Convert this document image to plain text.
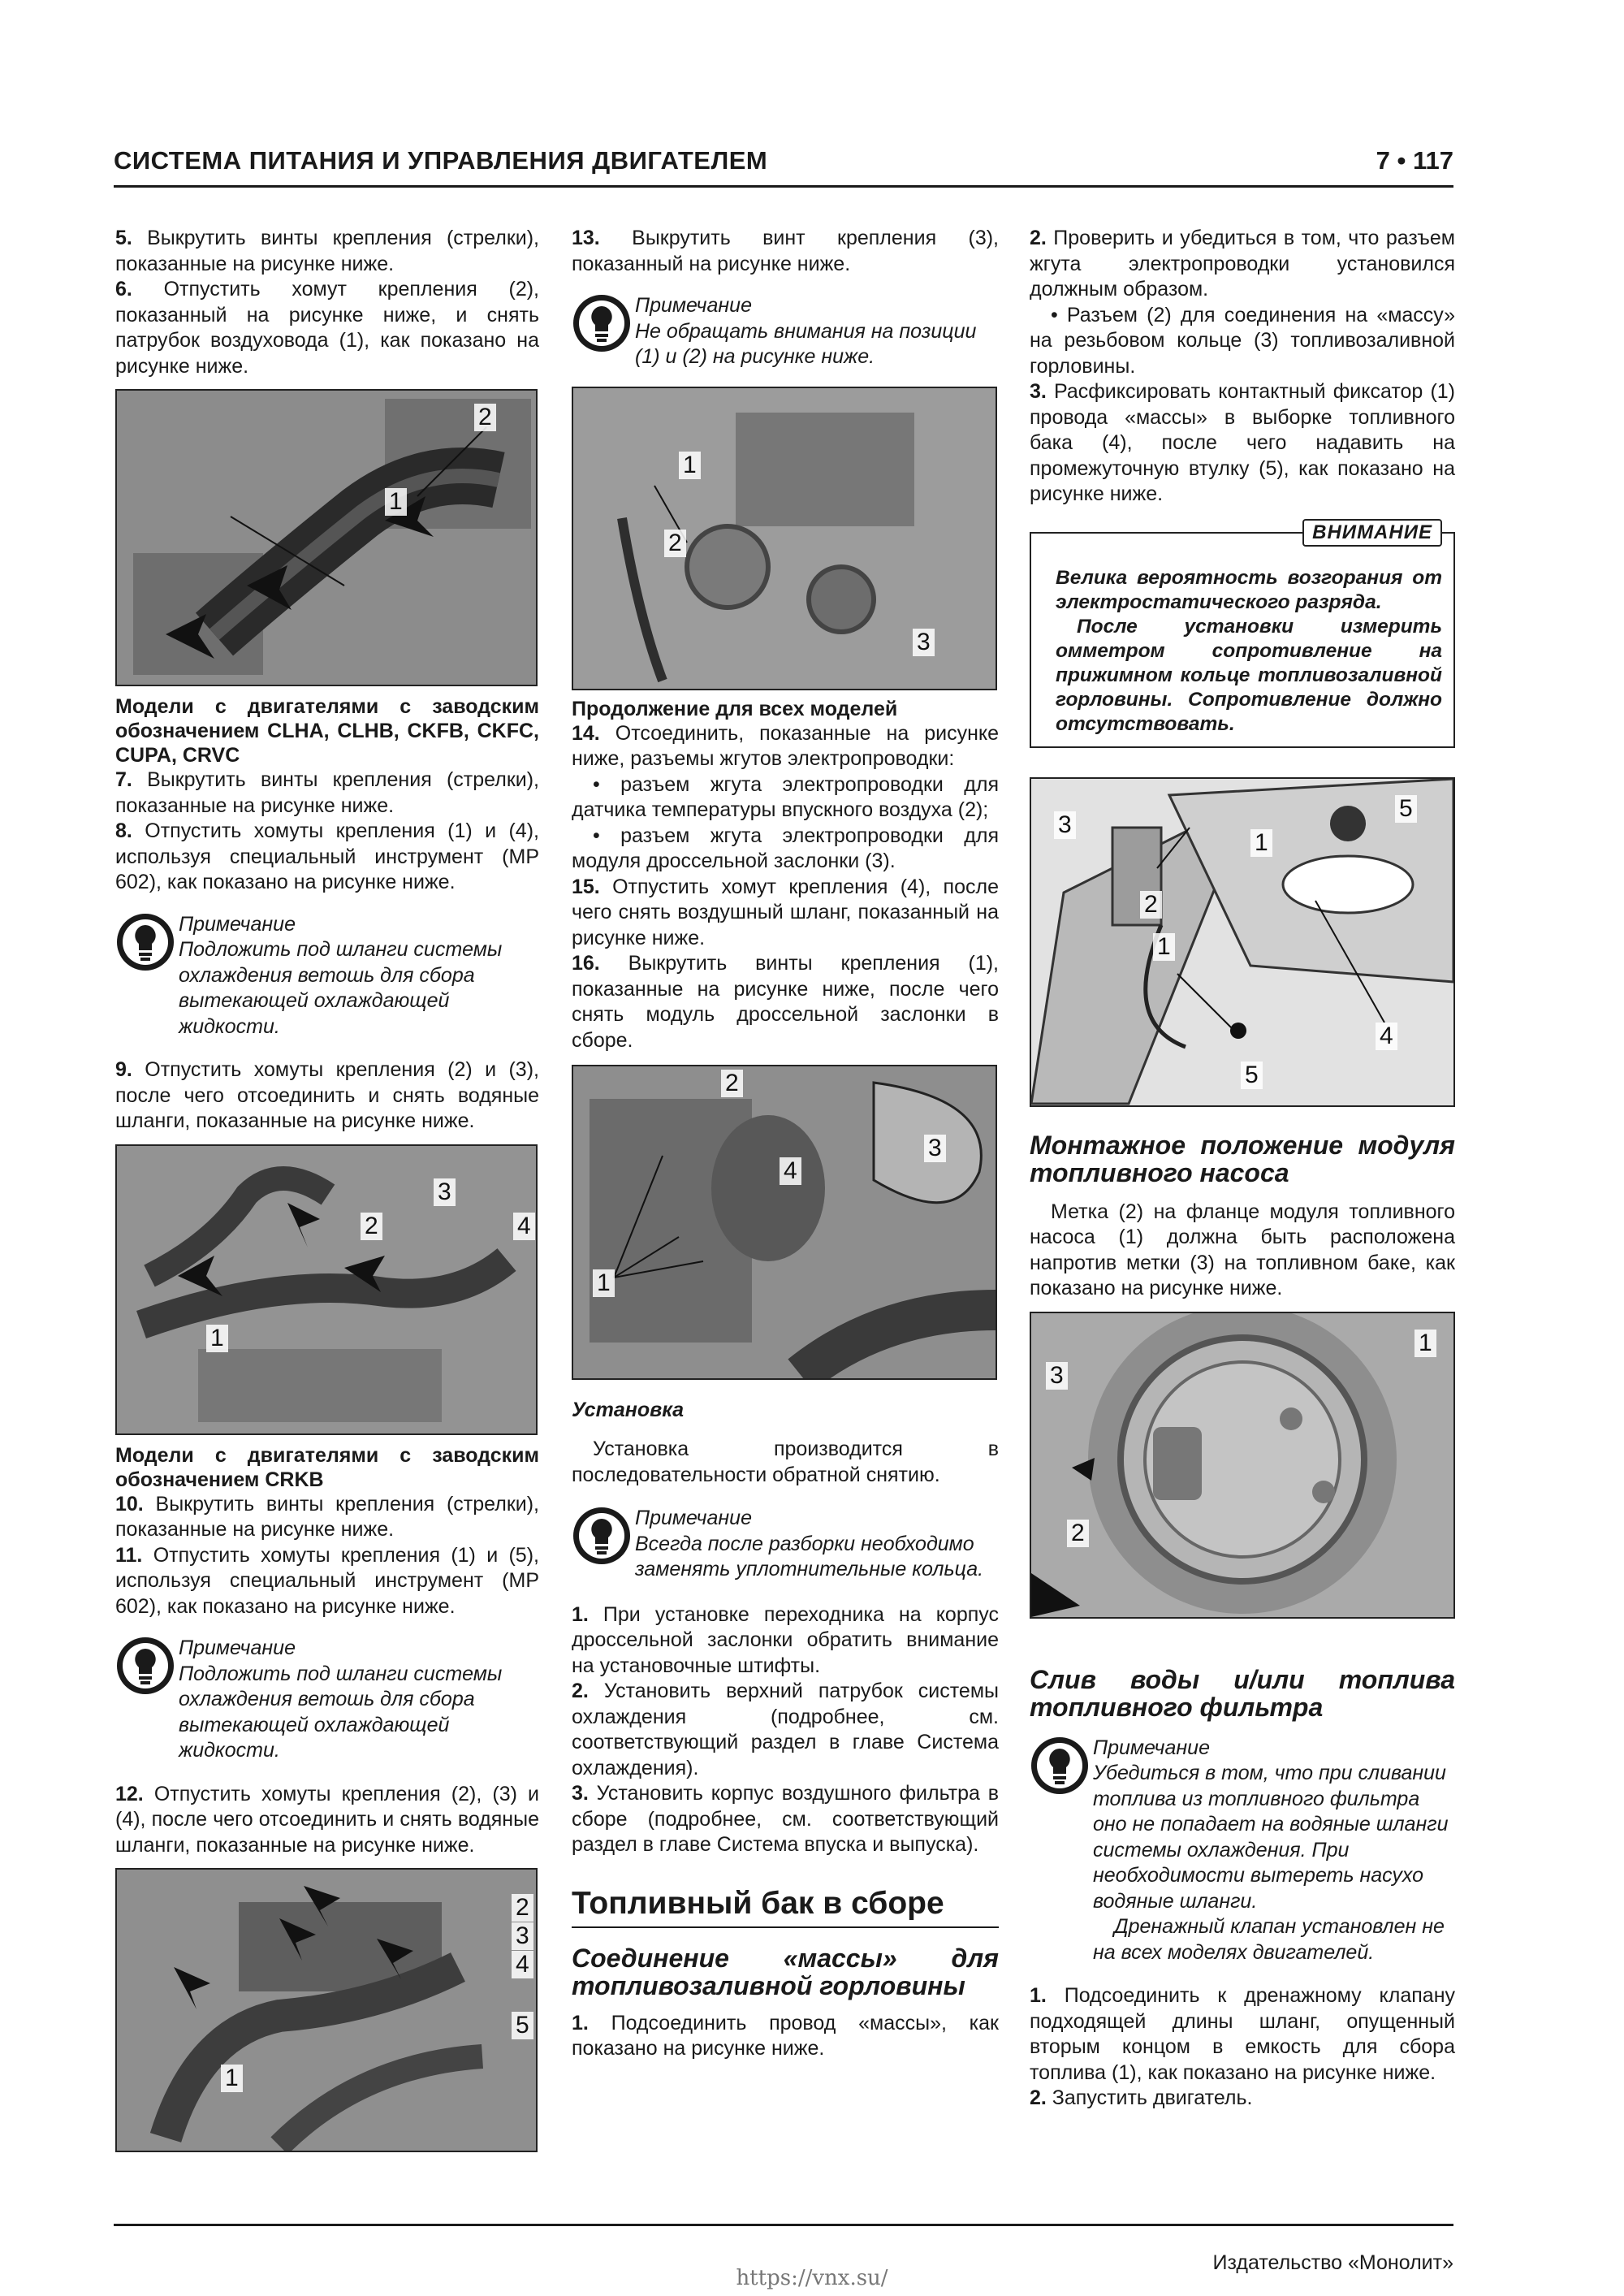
СИСТЕМА ПИТАНИЯ И УПРАВЛЕНИЯ ДВИГАТЕЛЕМ	7 • 117

5. Выкрутить винты крепления (стрелки), показанные на рисунке ниже.

6. Отпустить хомут крепления (2), показанный на рисунке ниже, и снять патрубок воздуховода (1), как показано на рисунке ниже.

1
2

Модели с двигателями с заводским обозначением CLHA, CLHB, CKFB, CKFC, CUPA, CRVC

7. Выкрутить винты крепления (стрелки), показанные на рисунке ниже.

8. Отпустить хомуты крепления (1) и (4), используя специальный инструмент (MP 602), как показано на рисунке ниже.

Примечание
Подложить под шланги системы охлаждения ветошь для сбора вытекающей охлаждающей жидкости.

9. Отпустить хомуты крепления (2) и (3), после чего отсоединить и снять водяные шланги, показанные на рисунке ниже.

1
2
3
4

Модели с двигателями с заводским обозначением CRKB

10. Выкрутить винты крепления (стрелки), показанные на рисунке ниже.

11. Отпустить хомуты крепления (1) и (5), используя специальный инструмент (MP 602), как показано на рисунке ниже.

Примечание
Подложить под шланги системы охлаждения ветошь для сбора вытекающей охлаждающей жидкости.

12. Отпустить хомуты крепления (2), (3) и (4), после чего отсоединить и снять водяные шланги, показанные на рисунке ниже.

1
2
3
4
5

13. Выкрутить винт крепления (3), показанный на рисунке ниже.

Примечание
Не обращать внимания на позиции (1) и (2) на рисунке ниже.
1
2
3

Продолжение для всех моделей

14. Отсоединить, показанные на рисунке ниже, разъемы жгутов электропроводки:

• разъем жгута электропроводки для датчика температуры впускного воздуха (2);

• разъем жгута электропроводки для модуля дроссельной заслонки (3).

15. Отпустить хомут крепления (4), после чего снять воздушный шланг, показанный на рисунке ниже.

16. Выкрутить винты крепления (1), показанные на рисунке ниже, после чего снять модуль дроссельной заслонки в сборе.

1
2
3
4

Установка

Установка производится в последовательности обратной снятию.

Примечание
Всегда после разборки необходимо заменять уплотнительные кольца.

1. При установке переходника на корпус дроссельной заслонки обратить внимание на установочные штифты.

2. Установить верхний патрубок системы охлаждения (подробнее, см. соответствующий раздел в главе Система охлаждения).

3. Установить корпус воздушного фильтра в сборе (подробнее, см. соответствующий раздел в главе Система впуска и выпуска).

Топливный бак в сборе

Соединение «массы» для топливозаливной горловины

1. Подсоединить провод «массы», как показано на рисунке ниже.

2. Проверить и убедиться в том, что разъем жгута электропроводки установился должным образом.

• Разъем (2) для соединения на «массу» на резьбовом кольце (3) топливозаливной горловины.

3. Расфиксировать контактный фиксатор (1) провода «массы» в выборке топливного бака (4), после чего надавить на промежуточную втулку (5), как показано на рисунке ниже.

ВНИМАНИЕ

Велика вероятность возгорания от электростатического разряда.

После установки измерить омметром сопротивление на прижимном кольце топливозаливной горловины. Сопротивление должно отсутствовать.

1
1
2
3
4
5
5

Монтажное положение модуля топливного насоса

Метка (2) на фланце модуля топливного насоса (1) должна быть расположена напротив метки (3) на топливном баке, как показано на рисунке ниже.

1
2
3

Слив воды и/или топлива топливного фильтра

Примечание
Убедиться в том, что при сливании топлива из топливного фильтра оно не попадает на водяные шланги системы охлаждения. При необходимости вытереть насухо водяные шланги.
Дренажный клапан установлен не на всех моделях двигателей.

1. Подсоединить к дренажному клапану подходящей длины шланг, опущенный вторым концом в емкость для сбора топлива (1), как показано на рисунке ниже.

2. Запустить двигатель.

Издательство «Монолит»
https://vnx.su/
